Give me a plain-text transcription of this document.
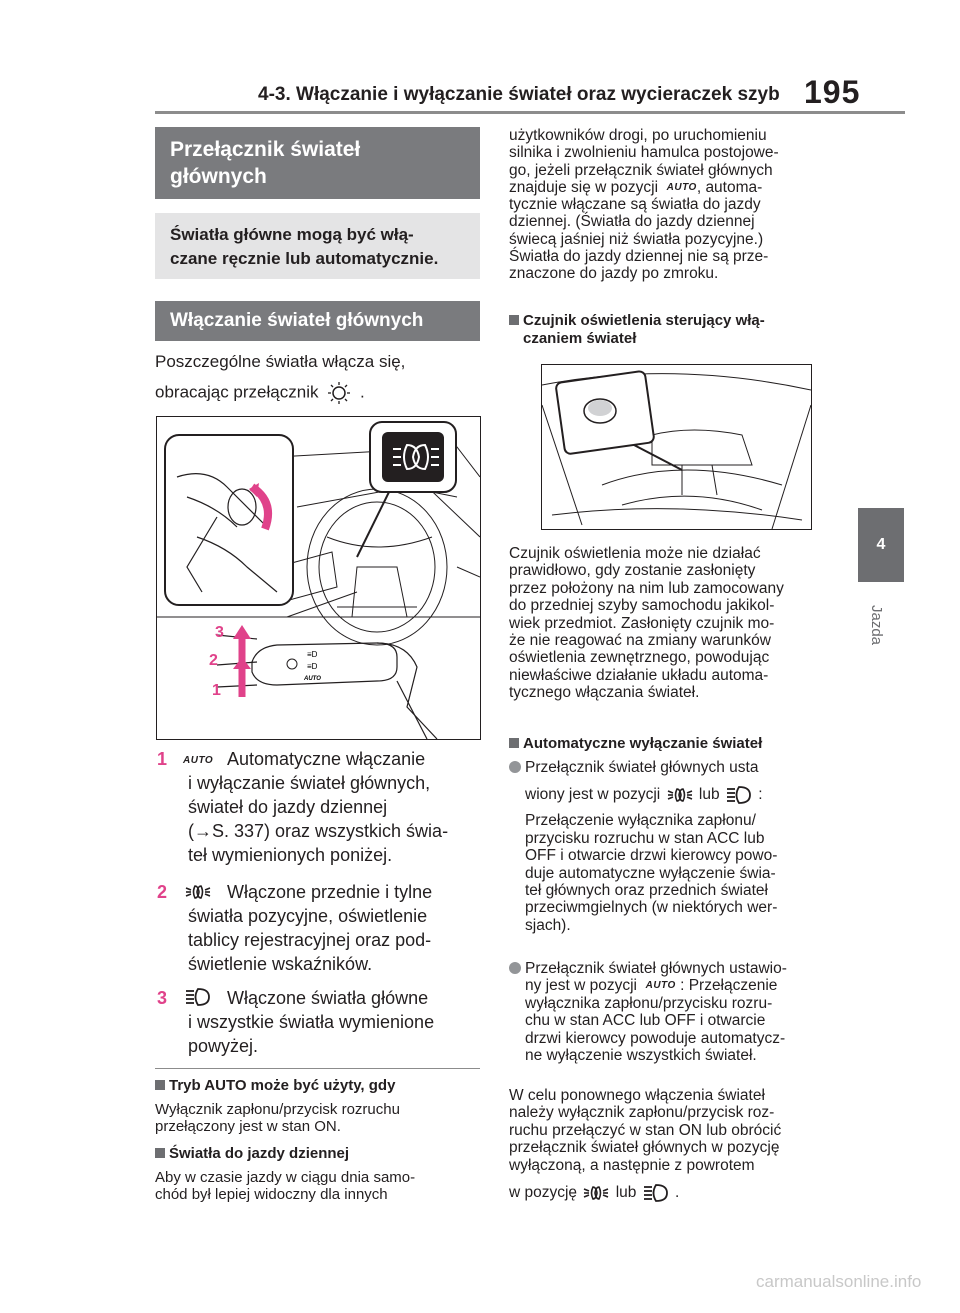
4-3. Włączanie i wyłączanie świateł oraz wycieraczek szyb 195
4
Jazda
Przełącznik świateł
głównych
Światła główne mogą być włą-
czane ręcznie lub automatycznie.
Włączanie świateł głównych
Poszczególne światła włącza się,
obracając przełącznik .
≡D
≡D
AUTO
3
2
1
1 AUTO Automatyczne włączanie
i wyłączanie świateł głównych,
świateł do jazdy dziennej
(→S. 337) oraz wszystkich świa-
teł wymienionych poniżej.
2	Włączone przednie i tylne
światła pozycyjne, oświetlenie
tablicy rejestracyjnej oraz pod-
świetlenie wskaźników.
3	Włączone światła główne
i wszystkie światła wymienione
powyżej.
Tryb AUTO może być użyty, gdy
Wyłącznik zapłonu/przycisk rozruchu
przełączony jest w stan ON.
Światła do jazdy dziennej
Aby w czasie jazdy w ciągu dnia samo-
chód był lepiej widoczny dla innych
użytkowników drogi, po uruchomieniu
silnika i zwolnieniu hamulca postojowe-
go, jeżeli przełącznik świateł głównych
znajduje się w pozycji AUTO, automa-
tycznie włączane są światła do jazdy
dziennej. (Światła do jazdy dziennej
świecą jaśniej niż światła pozycyjne.)
Światła do jazdy dziennej nie są prze-
znaczone do jazdy po zmroku.
Czujnik oświetlenia sterujący włą-
czaniem świateł
Czujnik oświetlenia może nie działać
prawidłowo, gdy zostanie zasłonięty
przez położony na nim lub zamocowany
do przedniej szyby samochodu jakikol-
wiek przedmiot. Zasłonięty czujnik mo-
że nie reagować na zmiany warunków
oświetlenia zewnętrznego, powodując
niewłaściwe działanie układu automa-
tycznego włączania świateł.
Automatyczne wyłączanie świateł
Przełącznik świateł głównych usta
wiony jest w pozycji lub :
Przełączenie wyłącznika zapłonu/
przycisku rozruchu w stan ACC lub
OFF i otwarcie drzwi kierowcy powo-
duje automatyczne wyłączenie świa-
teł głównych oraz przednich świateł
przeciwmgielnych (w niektórych wer-
sjach).
Przełącznik świateł głównych ustawio-
ny jest w pozycji AUTO : Przełączenie
wyłącznika zapłonu/przycisku rozru-
chu w stan ACC lub OFF i otwarcie
drzwi kierowcy powoduje automatycz-
ne wyłączenie wszystkich świateł.
W celu ponownego włączenia świateł
należy wyłącznik zapłonu/przycisk roz-
ruchu przełączyć w stan ON lub obrócić
przełącznik świateł głównych w pozycję
wyłączoną, a następnie z powrotem
w pozycję lub .
carmanualsonline.info
